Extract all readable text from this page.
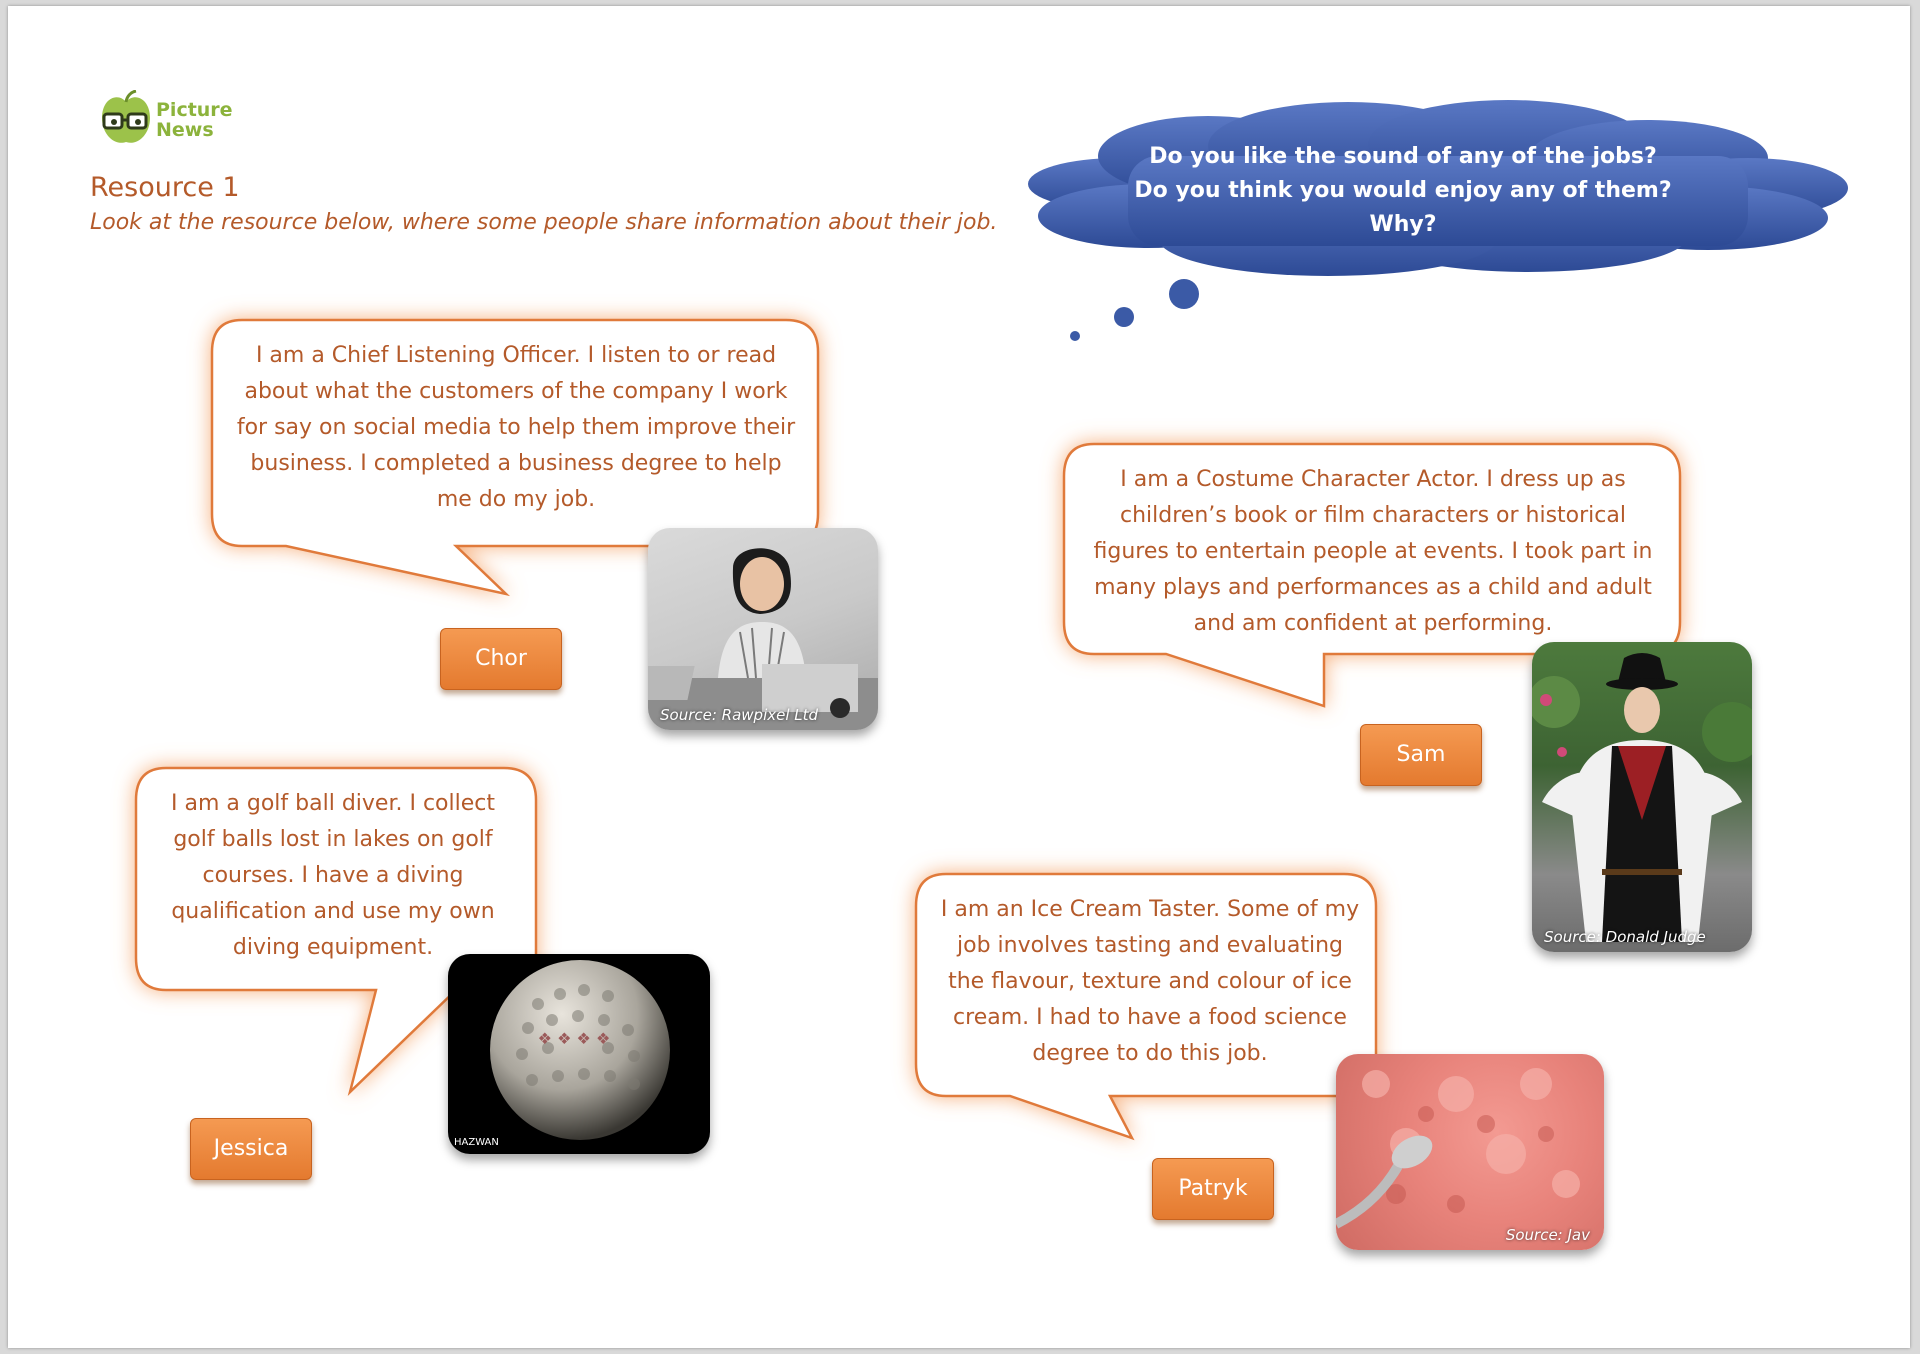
Picture
News
Resource 1
Look at the resource below, where some people share information about their job.
Do you like the sound of any of the jobs?
Do you think you would enjoy any of them?
Why?
I am a Chief Listening Officer. I listen to or read about what the customers of the company I work for say on social media to help them improve their business. I completed a business degree to help me do my job.
Source: Rawpixel Ltd
Chor
I am a Costume Character Actor. I dress up as children’s book or film characters or historical figures to entertain people at events. I took part in many plays and performances as a child and adult and am confident at performing.
Source: Donald Judge
Sam
I am a golf ball diver. I collect golf balls lost in lakes on golf courses. I have a diving qualification and use my own diving equipment.
❖ ❖ ❖ ❖
HAZWAN
Jessica
I am an Ice Cream Taster. Some of my job involves tasting and evaluating the flavour, texture and colour of ice cream. I had to have a food science degree to do this job.
Source: Jav
Patryk
